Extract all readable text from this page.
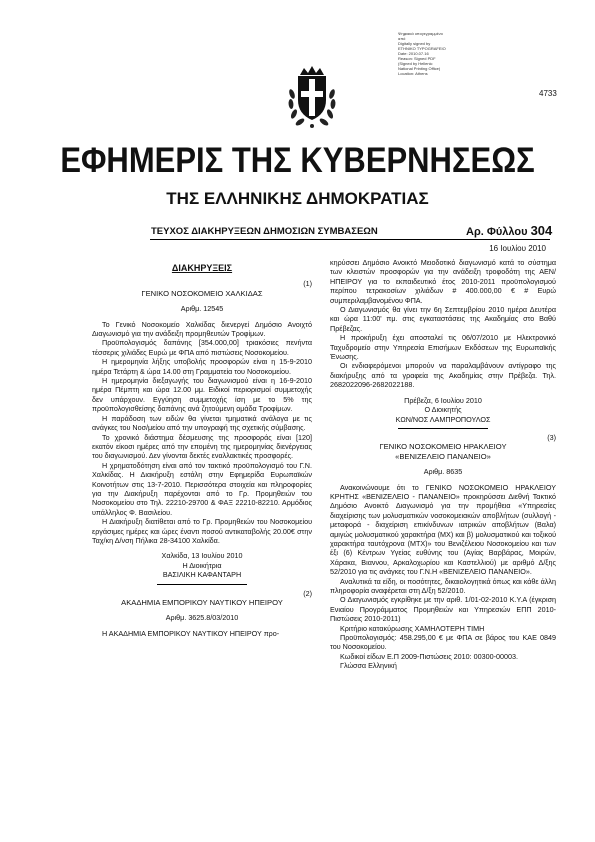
Ψηφιακά υπογεγραμμένο
από
Digitally signed by
ETHNIKO TYPOGRAFEIO
Date: 2010.07.16
Reason: Signed PDF
(Signed by Hellenic
National Printing Office)
Location: Athens
4733
ΕΦΗΜΕΡΙΣ ΤΗΣ ΚΥΒΕΡΝΗΣΕΩΣ
ΤΗΣ ΕΛΛΗΝΙΚΗΣ ΔΗΜΟΚΡΑΤΙΑΣ
ΤΕΥΧΟΣ ΔΙΑΚΗΡΥΞΕΩΝ ΔΗΜΟΣΙΩΝ ΣΥΜΒΑΣΕΩΝ	Αρ. Φύλλου 304
16 Ιουλίου 2010

ΔΙΑΚΗΡΥΞΕΙΣ

(1)

ΓΕΝΙΚΟ ΝΟΣΟΚΟΜΕΙΟ ΧΑΛΚΙΔΑΣ

Αριθμ. 12545

Το Γενικό Νοσοκομείο Χαλκίδας διενεργεί Δημόσιο Ανοιχτό Διαγωνισμό για την ανάδειξη προμηθευτών Τροφίμων.

Προϋπολογισμός δαπάνης [354.000,00] τριακόσιες πενήντα τέσσερις χιλιάδες Ευρώ με ΦΠΑ από πιστώσεις Νοσοκομείου.

Η ημερομηνία λήξης υποβολής προσφορών είναι η 15-9-2010 ημέρα Τετάρτη & ώρα 14.00 στη Γραμματεία του Νοσοκομείου.

Η ημερομηνία διεξαγωγής του διαγωνισμού είναι η 16-9-2010 ημέρα Πέμπτη και ώρα 12.00 μμ. Ειδικοί περιορισμοί συμμετοχής δεν υπάρχουν. Εγγύηση συμμετοχής ίση με το 5% της προϋπολογισθείσης δαπάνης ανά ζητούμενη ομάδα Τροφίμων.

Η παράδοση των ειδών θα γίνεται τμηματικά ανάλογα με τις ανάγκες του Νοσ/μείου από την υπογραφή της σχετικής σύμβασης.

Το χρονικό διάστημα δέσμευσης της προσφοράς είναι [120] εκατόν είκοσι ημέρες από την επομένη της ημερομηνίας διενέργειας του διαγωνισμού. Δεν γίνονται δεκτές εναλλακτικές προσφορές.

Η χρηματοδότηση είναι από τον τακτικό προϋπολογισμό του Γ.Ν. Χαλκίδας. Η Διακήρυξη εστάλη στην Εφημερίδα Ευρωπαϊκών Κοινοτήτων στις 13-7-2010. Περισσότερα στοιχεία και πληροφορίες για την Διακήρυξη παρέχονται από το Γρ. Προμηθειών του Νοσοκομείου στο Τηλ. 22210-29700 & ΦΑΞ 22210-82210. Αρμόδιος υπάλληλος Φ. Βασιλείου.

Η Διακήρυξη διατίθεται από το Γρ. Προμηθειών του Νοσοκομείου εργάσιμες ημέρες και ώρες έναντι ποσού αντικαταβολής 20.00€ στην Ταχ/κη Δ/νση Πήλικα 28-34100 Χαλκίδα.

Χαλκίδα, 13 Ιουλίου 2010

Η Διοικήτρια

ΒΑΣΙΛΙΚΗ ΚΑΦΑΝΤΑΡΗ

(2)

ΑΚΑΔΗΜΙΑ ΕΜΠΟΡΙΚΟΥ ΝΑΥΤΙΚΟΥ ΗΠΕΙΡΟΥ

Αριθμ. 3625.8/03/2010

Η ΑΚΑΔΗΜΙΑ ΕΜΠΟΡΙΚΟΥ ΝΑΥΤΙΚΟΥ ΗΠΕΙΡΟΥ προ-

κηρύσσει Δημόσιο Ανοικτό Μειοδοτικό διαγωνισμό κατά το σύστημα των κλειστών προσφορών για την ανάδειξη τροφοδότη της ΑΕΝ/ΗΠΕΙΡΟΥ για το εκπαιδευτικό έτος 2010-2011 προϋπολογισμού περίπου τετρακοσίων χιλιάδων # 400.000,00 € # Ευρώ συμπεριλαμβανομένου ΦΠΑ.

Ο Διαγωνισμός θα γίνει την 6η Σεπτεμβρίου 2010 ημέρα Δευτέρα και ώρα 11:00' πμ. στις εγκαταστάσεις της Ακαδημίας στο Βαθύ Πρέβεζας.

Η προκήρυξη έχει αποσταλεί τις 06/07/2010 με Ηλεκτρονικό Ταχυδρομείο στην Υπηρεσία Επισήμων Εκδόσεων της Ευρωπαϊκής Ένωσης.

Οι ενδιαφερόμενοι μπορούν να παραλαμβάνουν αντίγραφο της διακήρυξης από τα γραφεία της Ακαδημίας στην Πρέβεζα. Τηλ. 2682022096-2682022188.

Πρέβεζα, 6 Ιουλίου 2010

Ο Διοικητής

ΚΩΝ/ΝΟΣ ΛΑΜΠΡΟΠΟΥΛΟΣ

(3)

ΓΕΝΙΚΟ ΝΟΣΟΚΟΜΕΙΟ ΗΡΑΚΛΕΙΟΥ

«ΒΕΝΙΖΕΛΕΙΟ ΠΑΝΑΝΕΙΟ»

Αριθμ. 8635

Ανακοινώνουμε ότι το ΓΕΝΙΚΟ ΝΟΣΟΚΟΜΕΙΟ ΗΡΑΚΛΕΙΟΥ ΚΡΗΤΗΣ «ΒΕΝΙΖΕΛΕΙΟ - ΠΑΝΑΝΕΙΟ» προκηρύσσει Διεθνή Τακτικό Δημόσιο Ανοικτό Διαγωνισμό για την προμήθεια «Υπηρεσίες διαχείρισης των μολυσματικών νοσοκομειακών αποβλήτων (συλλογή - μεταφορά - διαχείριση επικίνδυνων ιατρικών αποβλήτων (Βαλα) αμιγώς μολυσματικού χαρακτήρα (ΜΧ) και β) μολυσματικού και τοξικού χαρακτήρα ταυτόχρονα (ΜΤΧ)» του Βενιζέλειου Νοσοκομείου και των έξι (6) Κέντρων Υγείας ευθύνης του (Αγίας Βαρβάρας, Μοιρών, Χάρακα, Βιαννου, Αρκαλοχωρίου και Καστελλιού) με αριθμό Δ/ξης 52/2010 για τις ανάγκες του Γ.Ν.Η «ΒΕΝΙΖΕΛΕΙΟ ΠΑΝΑΝΕΙΟ».

Αναλυτικά τα είδη, οι ποσότητες, δικαιολογητικά όπως και κάθε άλλη πληροφορία αναφέρεται στη Δ/ξη 52/2010.

Ο Διαγωνισμός εγκρίθηκε με την αριθ. 1/01-02-2010 Κ.Υ.Α (έγκριση Ενιαίου Προγράμματος Προμηθειών και Υπηρεσιών ΕΠΠ 2010-Πιστώσεις 2010-2011)

Κριτήριο κατακύρωσης ΧΑΜΗΛΟΤΕΡΗ ΤΙΜΗ

Προϋπολογισμός: 458.295,00 € με ΦΠΑ σε βάρος του ΚΑΕ 0849 του Νοσοκομείου.

Κωδικοί είδων Ε.Π 2009-Πιστώσεις 2010: 00300-00003.

Γλώσσα Ελληνική
